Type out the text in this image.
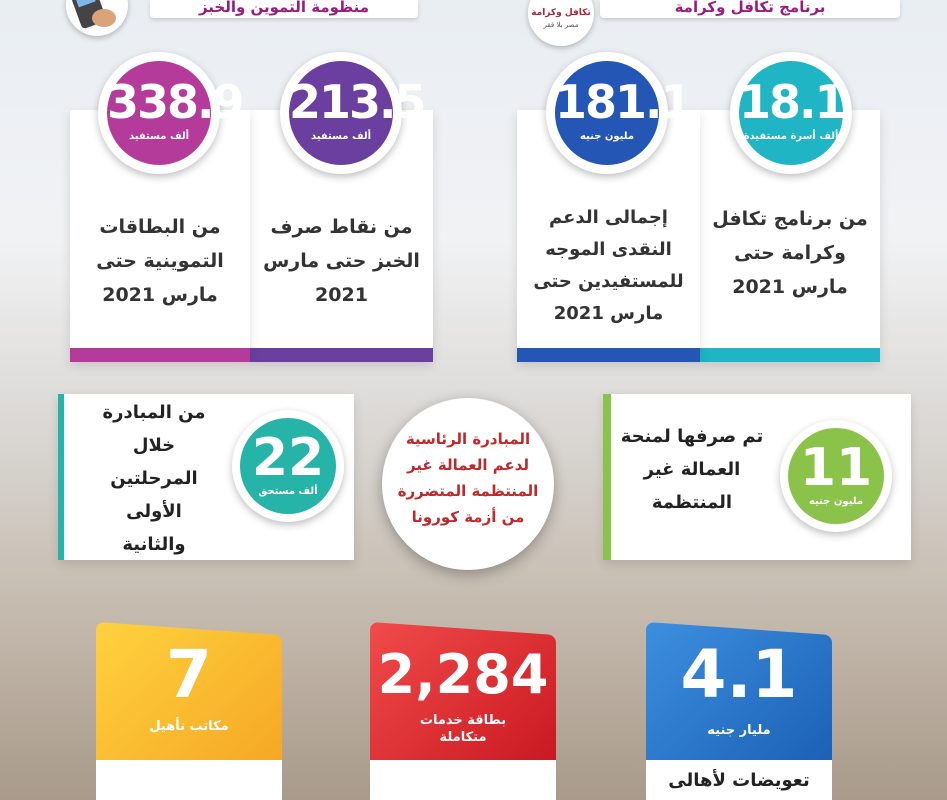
منظومة التموين والخبز	برنامج تكافل وكرامة
تكافل وكرامة
مصر بلا فقر
من برنامج تكافل وكرامة حتى مارس 2021
إجمالى الدعم النقدى الموجه للمستفيدين حتى مارس 2021
من نقاط صرف الخبز حتى مارس 2021
من البطاقات التموينية حتى مارس 2021
18.1
ألف أسرة مستفيدة
181.1
مليون جنيه
213.5
ألف مستفيد
338.9
ألف مستفيد
تم صرفها لمنحة العمالة غير المنتظمة
11
مليون جنيه
من المبادرة خلال المرحلتين الأولى والثانية
22
ألف مستحق
المبادرة الرئاسية لدعم العمالة غير المنتظمة المتضررة من أزمة كورونا
7
مكاتب تأهيل
2,284
بطاقة خدمات متكاملة
4.1
مليار جنيه
تعويضات لأهالى
